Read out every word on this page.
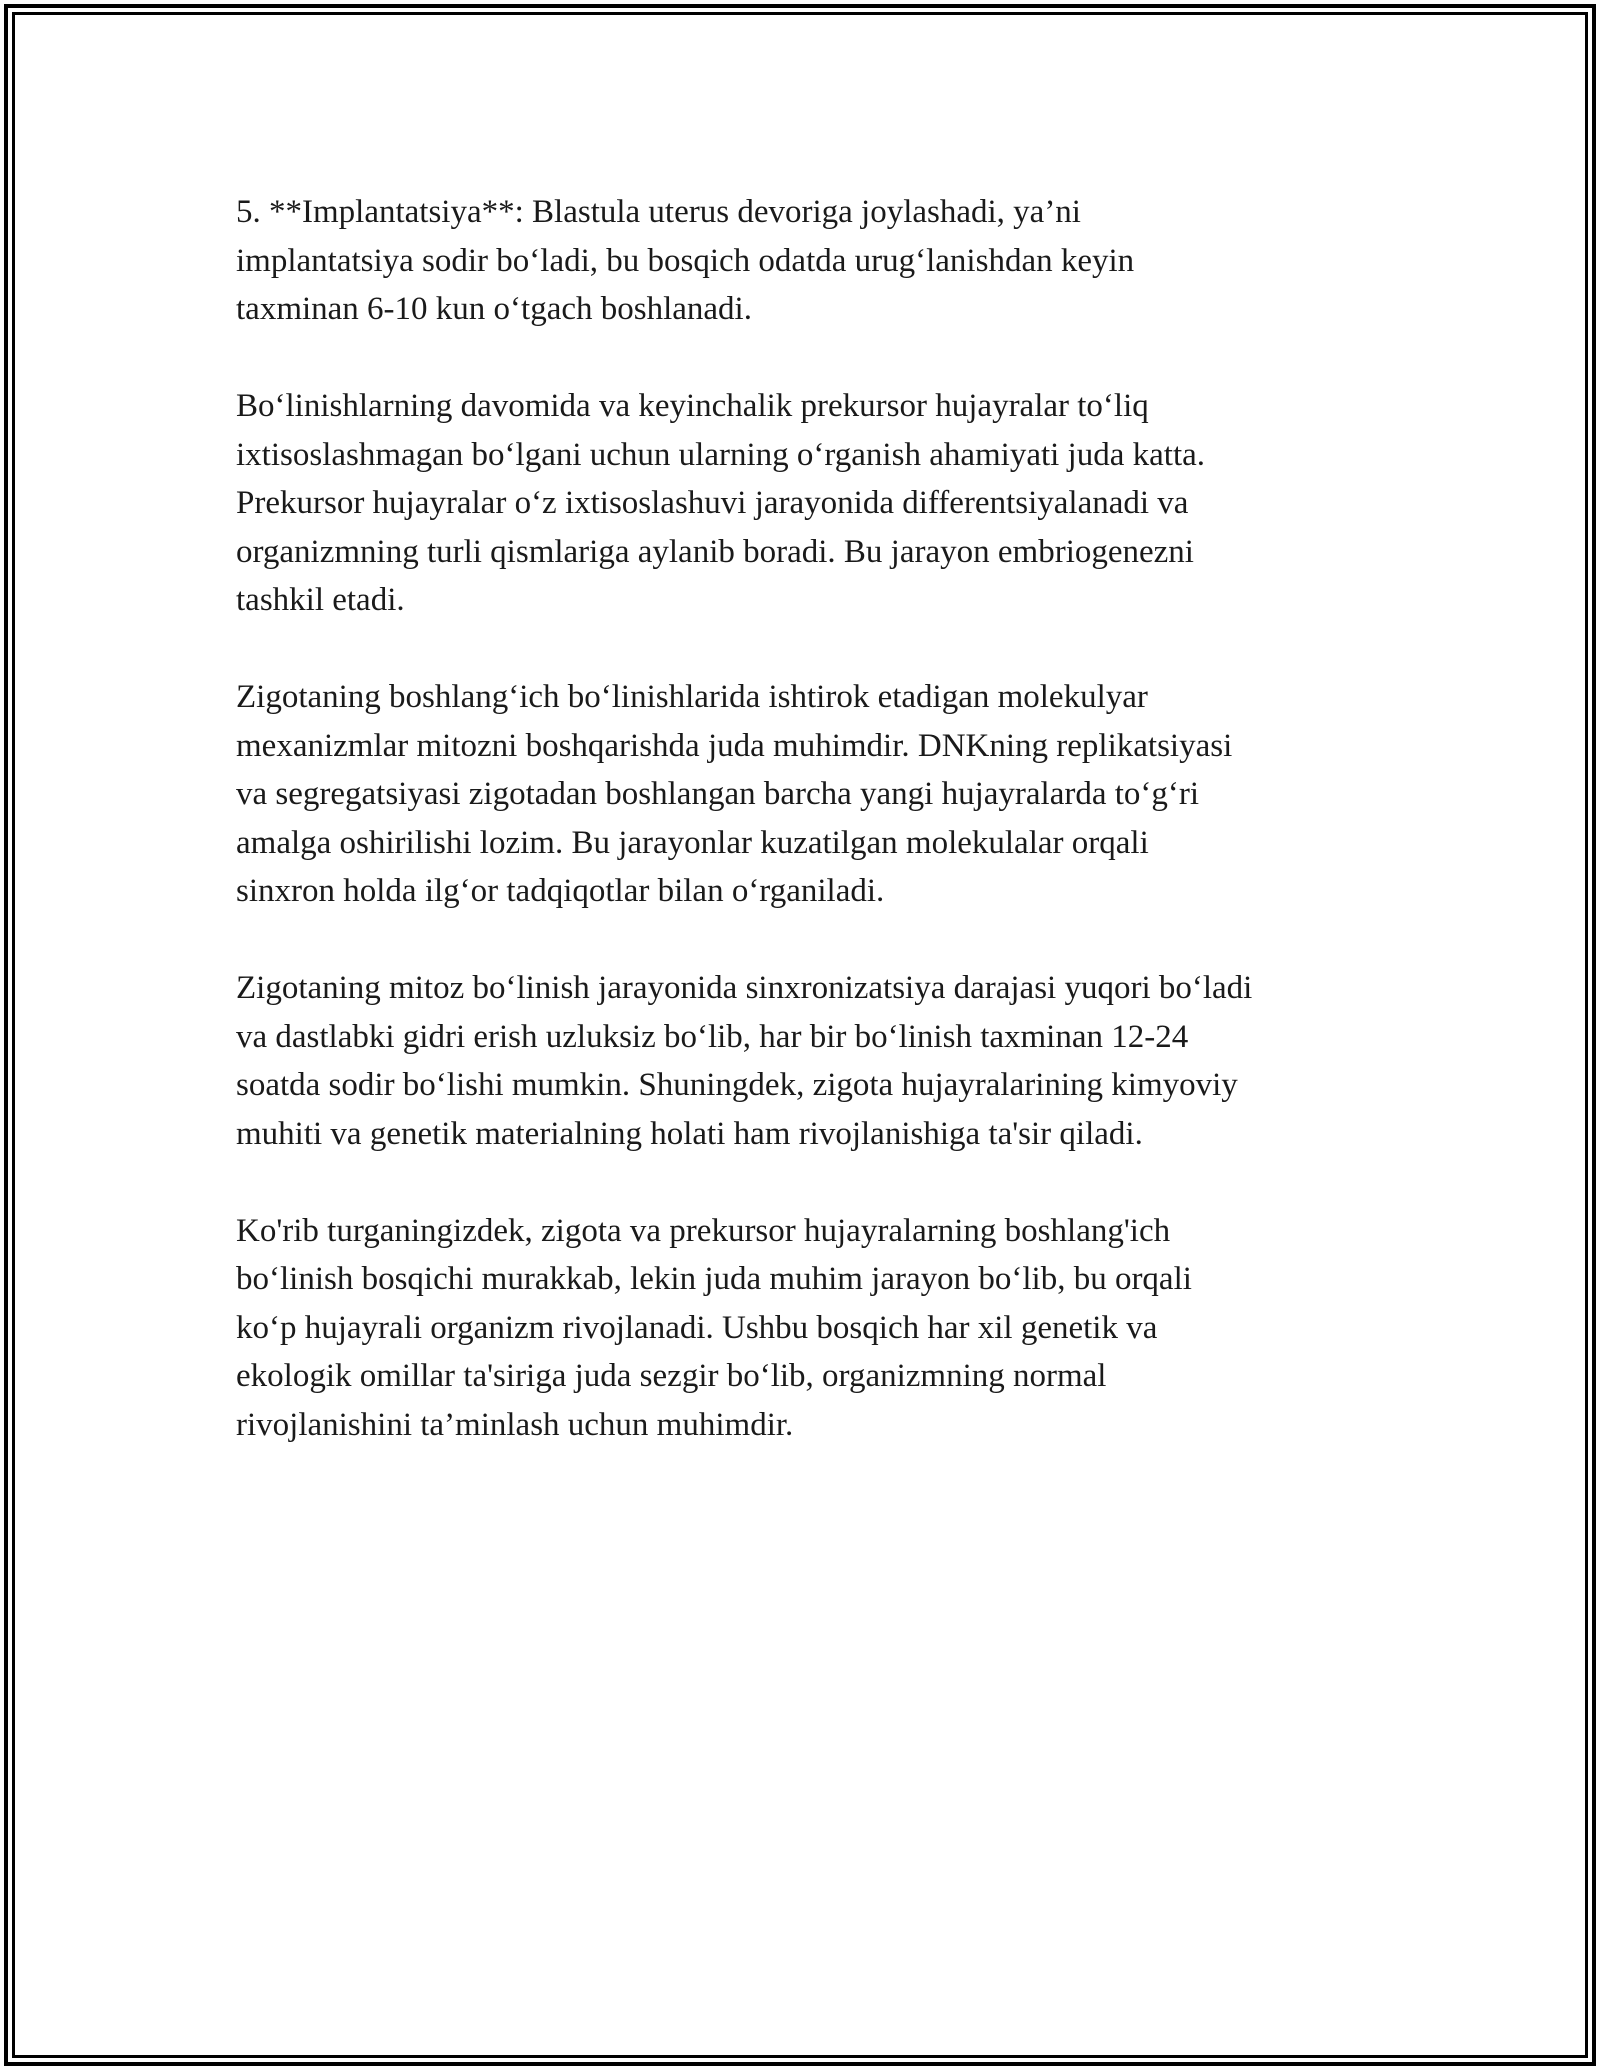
5. **Implantatsiya**: Blastula uterus devoriga joylashadi, ya’ni
implantatsiya sodir bo‘ladi, bu bosqich odatda urug‘lanishdan keyin
taxminan 6-10 kun o‘tgach boshlanadi.

Bo‘linishlarning davomida va keyinchalik prekursor hujayralar to‘liq
ixtisoslashmagan bo‘lgani uchun ularning o‘rganish ahamiyati juda katta.
Prekursor hujayralar o‘z ixtisoslashuvi jarayonida differentsiyalanadi va
organizmning turli qismlariga aylanib boradi. Bu jarayon embriogenezni
tashkil etadi.

Zigotaning boshlang‘ich bo‘linishlarida ishtirok etadigan molekulyar
mexanizmlar mitozni boshqarishda juda muhimdir. DNKning replikatsiyasi
va segregatsiyasi zigotadan boshlangan barcha yangi hujayralarda to‘g‘ri
amalga oshirilishi lozim. Bu jarayonlar kuzatilgan molekulalar orqali
sinxron holda ilg‘or tadqiqotlar bilan o‘rganiladi.

Zigotaning mitoz bo‘linish jarayonida sinxronizatsiya darajasi yuqori bo‘ladi
va dastlabki gidri erish uzluksiz bo‘lib, har bir bo‘linish taxminan 12-24
soatda sodir bo‘lishi mumkin. Shuningdek, zigota hujayralarining kimyoviy
muhiti va genetik materialning holati ham rivojlanishiga ta'sir qiladi.

Ko'rib turganingizdek, zigota va prekursor hujayralarning boshlang'ich
bo‘linish bosqichi murakkab, lekin juda muhim jarayon bo‘lib, bu orqali
ko‘p hujayrali organizm rivojlanadi. Ushbu bosqich har xil genetik va
ekologik omillar ta'siriga juda sezgir bo‘lib, organizmning normal
rivojlanishini ta’minlash uchun muhimdir.
